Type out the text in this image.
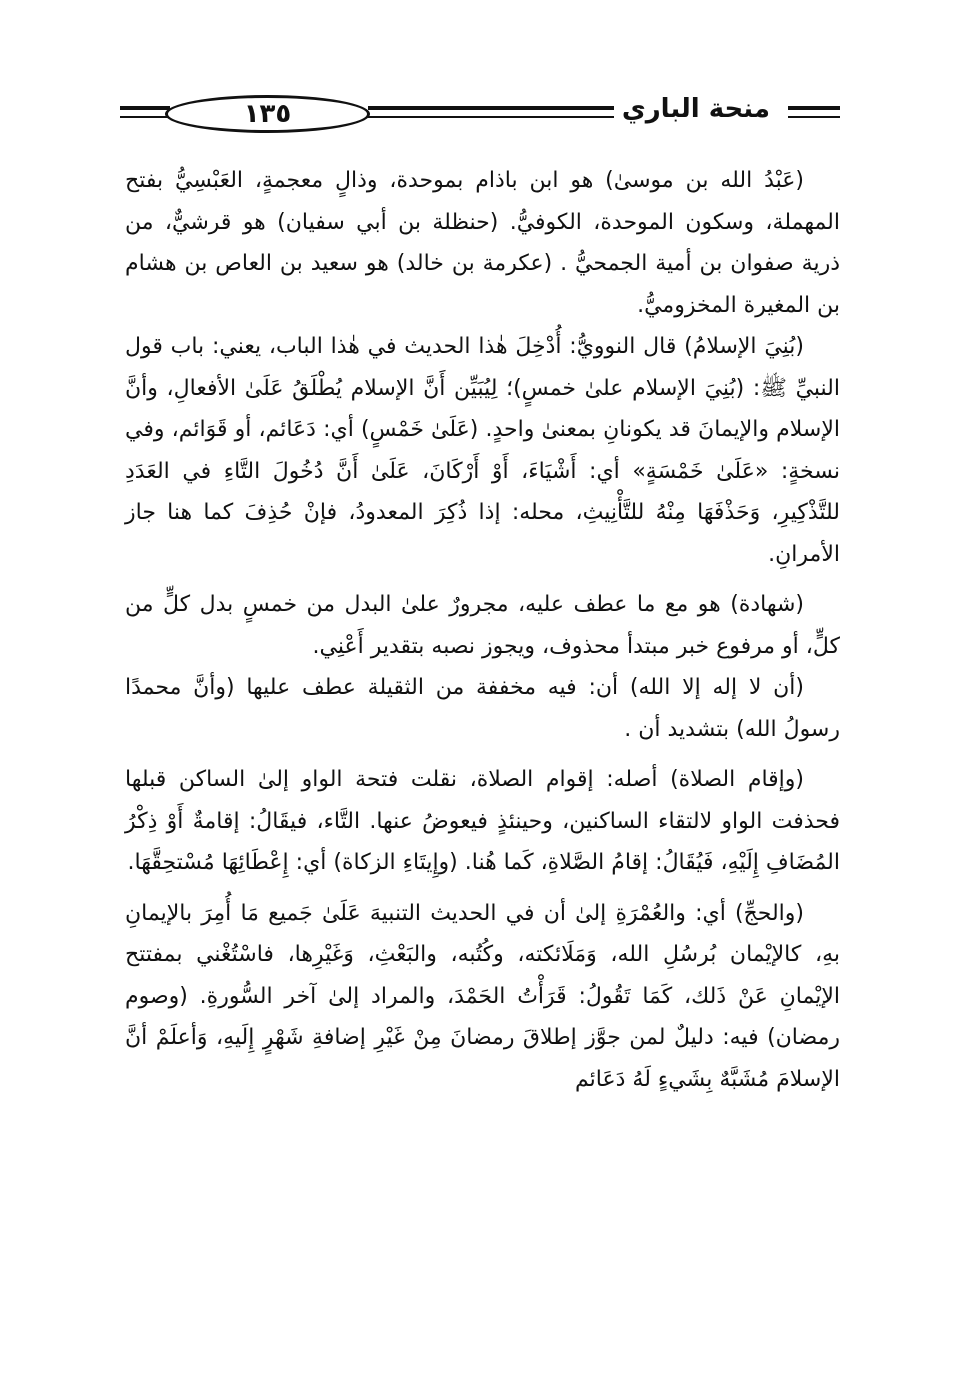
١٣٥	منحة الباري

(عَبْدُ الله بن موسىٰ) هو ابن باذام بموحدة، وذالٍ معجمةٍ، العَبْسِيُّ بفتح المهملة، وسكون الموحدة، الكوفيُّ. (حنظلة بن أبي سفيان) هو قرشيٌّ، من ذرية صفوان بن أمية الجمحيُّ . (عكرمة بن خالد) هو سعيد بن العاص بن هشام بن المغيرة المخزوميُّ.

(بُنِيَ الإسلامُ) قال النوويُّ: أُدْخِلَ هٰذا الحديث في هٰذا الباب، يعني: باب قول النبيِّ ﷺ: (بُنِيَ الإسلام علىٰ خمسٍ)؛ لِيُبَيِّن أَنَّ الإسلام يُطْلَقُ عَلَىٰ الأفعالِ، وأنَّ الإسلام والإيمانَ قد يكونانِ بمعنىٰ واحدٍ. (عَلَىٰ خَمْسٍ) أي: دَعَائم، أو قَوَائم، وفي نسخةٍ: «عَلَىٰ خَمْسَةٍ» أي: أَشْيَاءَ، أَوْ أَرْكَانَ، عَلَىٰ أَنَّ دُخُولَ التَّاءِ في العَدَدِ للتَّذْكِيرِ، وَحَذْفَهَا مِنْهُ للتَّأْنِيثِ، محله: إذا ذُكِرَ المعدودُ، فإنْ حُذِفَ كما هنا جاز الأمرانِ.

(شهادة) هو مع ما عطف عليه، مجرورٌ علىٰ البدل من خمسٍ بدل كلٍّ من كلٍّ، أو مرفوع خبر مبتدأ محذوف، ويجوز نصبه بتقدير أَعْنِي.

(أن لا إله إلا الله) أن: فيه مخففة من الثقيلة عطف عليها (وأنَّ محمدًا رسولُ الله) بتشديد أن .

(وإقام الصلاة) أصله: إقوام الصلاة، نقلت فتحة الواو إلىٰ الساكن قبلها فحذفت الواو لالتقاء الساكنين، وحينئذٍ فيعوضُ عنها. التَّاء، فيقَالُ: إقامةٌ أَوْ ذِكْرُ المُضَافِ إِلَيْهِ، فَيُقَالُ: إقامُ الصَّلاةِ، كَما هُنا. (وإِيتَاءِ الزكاة) أي: إِعْطَائِهَا مُسْتحِقَّهَا.

(والحجِّ) أي: والعُمْرَةِ إلىٰ أن في الحديث التنبيهَ عَلَىٰ جَميع مَا أُمِرَ بالإيمانِ بهِ، كالإيْمان بُرسُلِ الله، وَمَلَائكته، وكُتُبه، والبَعْثِ، وَغَيْرِها، فاسْتُغْني بمفتتح الإيْمانِ عَنْ ذَلك، كَمَا تَقُولُ: قَرَأْتُ الحَمْدَ، والمراد إلىٰ آخر السُّورةِ. (وصوم رمضان) فيه: دليلٌ لمن جوَّز إطلاقَ رمضانَ مِنْ غَيْرِ إضافةِ شَهْرٍ إِلَيهِ، وَأعلَمْ أنَّ الإسلامَ مُشَبَّهٌ بِشَيءٍ لَهُ دَعَائم
